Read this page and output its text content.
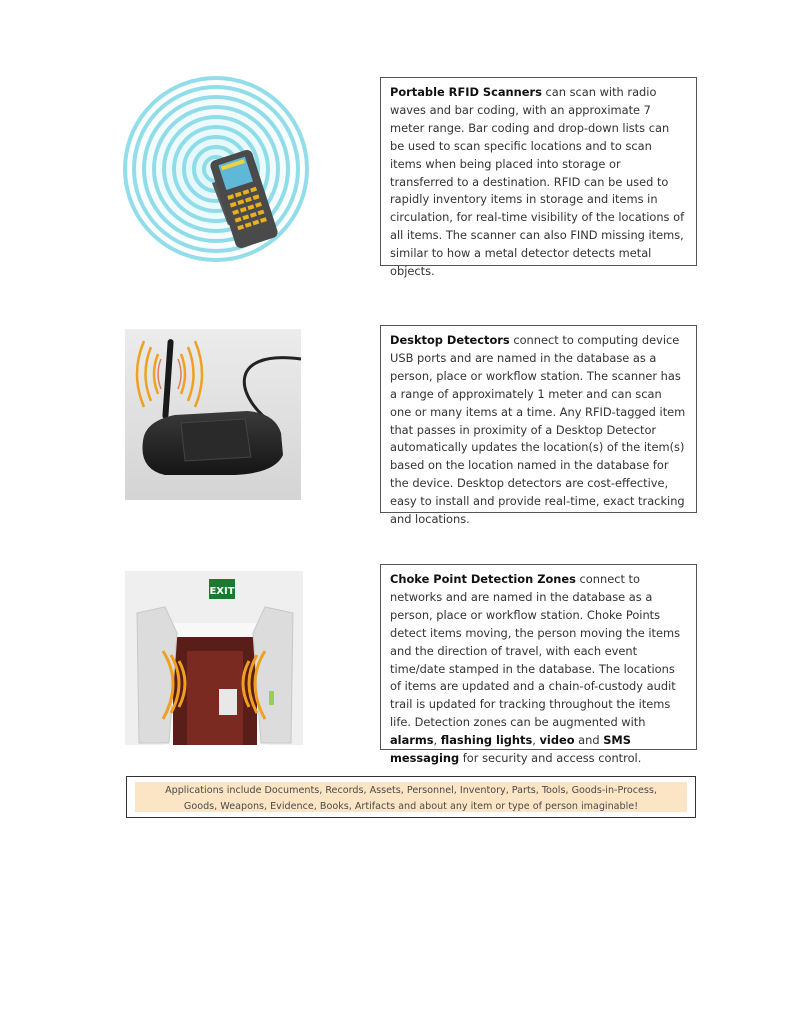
Portable RFID Scanners can scan with radio waves and bar coding, with an approximate 7 meter range. Bar coding and drop-down lists can be used to scan specific locations and to scan items when being placed into storage or transferred to a destination. RFID can be used to rapidly inventory items in storage and items in circulation, for real-time visibility of the locations of all items. The scanner can also FIND missing items, similar to how a metal detector detects metal objects.
Desktop Detectors connect to computing device USB ports and are named in the database as a person, place or workflow station. The scanner has a range of approximately 1 meter and can scan one or many items at a time. Any RFID-tagged item that passes in proximity of a Desktop Detector automatically updates the location(s) of the item(s) based on the location named in the database for the device. Desktop detectors are cost-effective, easy to install and provide real-time, exact tracking and locations.
EXIT
Choke Point Detection Zones connect to networks and are named in the database as a person, place or workflow station. Choke Points detect items moving, the person moving the items and the direction of travel, with each event time/date stamped in the database. The locations of items are updated and a chain-of-custody audit trail is updated for tracking throughout the items life. Detection zones can be augmented with alarms, flashing lights, video and SMS messaging for security and access control.
Applications include Documents, Records, Assets, Personnel, Inventory, Parts, Tools, Goods-in-Process,
Goods, Weapons, Evidence, Books, Artifacts and about any item or type of person imaginable!
